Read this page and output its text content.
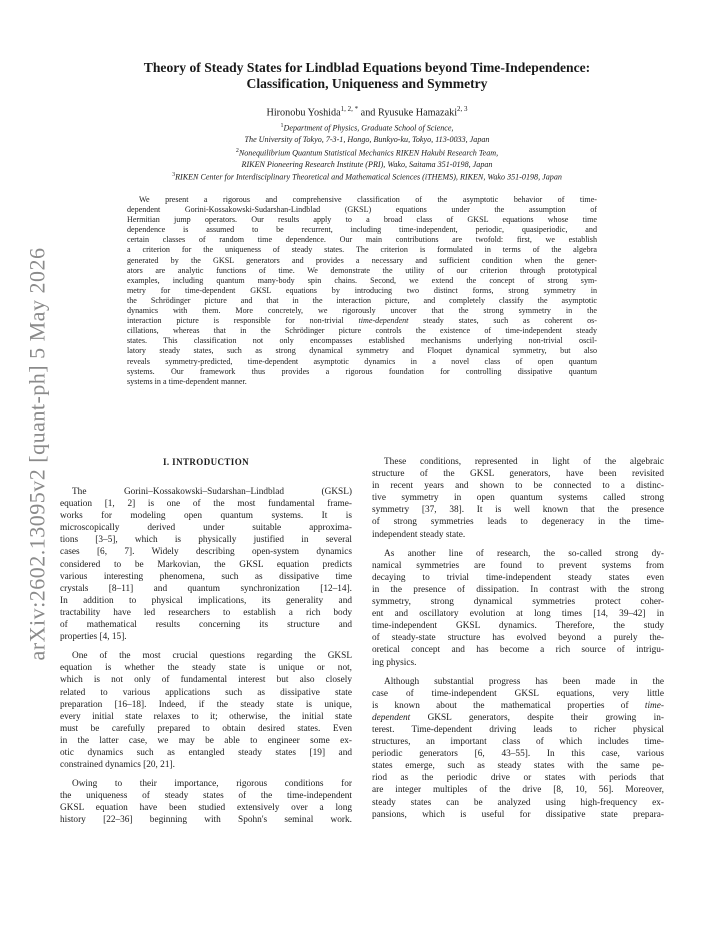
arXiv:2602.13095v2 [quant-ph] 5 May 2026
Theory of Steady States for Lindblad Equations beyond Time-Independence:
Classification, Uniqueness and Symmetry
Hironobu Yoshida$^{1, 2, *}$ and Ryusuke Hamazaki$^{2, 3}$
$^1$Department of Physics, Graduate School of Science,
The University of Tokyo, 7-3-1, Hongo, Bunkyo-ku, Tokyo, 113-0033, Japan
$^2$Nonequilibrium Quantum Statistical Mechanics RIKEN Hakubi Research Team,
RIKEN Pioneering Research Institute (PRI), Wako, Saitama 351-0198, Japan
$^3$RIKEN Center for Interdisciplinary Theoretical and Mathematical Sciences (iTHEMS), RIKEN, Wako 351-0198, Japan
We present a rigorous and comprehensive classification of the asymptotic behavior of time-
dependent Gorini-Kossakowski-Sudarshan-Lindblad (GKSL) equations under the assumption of
Hermitian jump operators. Our results apply to a broad class of GKSL equations whose time
dependence is assumed to be recurrent, including time-independent, periodic, quasiperiodic, and
certain classes of random time dependence. Our main contributions are twofold: first, we establish
a criterion for the uniqueness of steady states. The criterion is formulated in terms of the algebra
generated by the GKSL generators and provides a necessary and sufficient condition when the gener-
ators are analytic functions of time. We demonstrate the utility of our criterion through prototypical
examples, including quantum many-body spin chains. Second, we extend the concept of strong sym-
metry for time-dependent GKSL equations by introducing two distinct forms, strong symmetry in
the Schrödinger picture and that in the interaction picture, and completely classify the asymptotic
dynamics with them. More concretely, we rigorously uncover that the strong symmetry in the
interaction picture is responsible for non-trivial time-dependent steady states, such as coherent os-
cillations, whereas that in the Schrödinger picture controls the existence of time-independent steady
states. This classification not only encompasses established mechanisms underlying non-trivial oscil-
latory steady states, such as strong dynamical symmetry and Floquet dynamical symmetry, but also
reveals symmetry-predicted, time-dependent asymptotic dynamics in a novel class of open quantum
systems. Our framework thus provides a rigorous foundation for controlling dissipative quantum
systems in a time-dependent manner.
I. INTRODUCTION
The Gorini–Kossakowski–Sudarshan–Lindblad (GKSL)
equation [1, 2] is one of the most fundamental frame-
works for modeling open quantum systems. It is
microscopically derived under suitable approxima-
tions [3–5], which is physically justified in several
cases [6, 7]. Widely describing open-system dynamics
considered to be Markovian, the GKSL equation predicts
various interesting phenomena, such as dissipative time
crystals [8–11] and quantum synchronization [12–14].
In addition to physical implications, its generality and
tractability have led researchers to establish a rich body
of mathematical results concerning its structure and
properties [4, 15].
One of the most crucial questions regarding the GKSL
equation is whether the steady state is unique or not,
which is not only of fundamental interest but also closely
related to various applications such as dissipative state
preparation [16–18]. Indeed, if the steady state is unique,
every initial state relaxes to it; otherwise, the initial state
must be carefully prepared to obtain desired states. Even
in the latter case, we may be able to engineer some ex-
otic dynamics such as entangled steady states [19] and
constrained dynamics [20, 21].
Owing to their importance, rigorous conditions for
the uniqueness of steady states of the time-independent
GKSL equation have been studied extensively over a long
history [22–36] beginning with Spohn's seminal work.
These conditions, represented in light of the algebraic
structure of the GKSL generators, have been revisited
in recent years and shown to be connected to a distinc-
tive symmetry in open quantum systems called strong
symmetry [37, 38]. It is well known that the presence
of strong symmetries leads to degeneracy in the time-
independent steady state.
As another line of research, the so-called strong dy-
namical symmetries are found to prevent systems from
decaying to trivial time-independent steady states even
in the presence of dissipation. In contrast with the strong
symmetry, strong dynamical symmetries protect coher-
ent and oscillatory evolution at long times [14, 39–42] in
time-independent GKSL dynamics. Therefore, the study
of steady-state structure has evolved beyond a purely the-
oretical concept and has become a rich source of intrigu-
ing physics.
Although substantial progress has been made in the
case of time-independent GKSL equations, very little
is known about the mathematical properties of time-
dependent GKSL generators, despite their growing in-
terest. Time-dependent driving leads to richer physical
structures, an important class of which includes time-
periodic generators [6, 43–55]. In this case, various
states emerge, such as steady states with the same pe-
riod as the periodic drive or states with periods that
are integer multiples of the drive [8, 10, 56]. Moreover,
steady states can be analyzed using high-frequency ex-
pansions, which is useful for dissipative state prepara-
